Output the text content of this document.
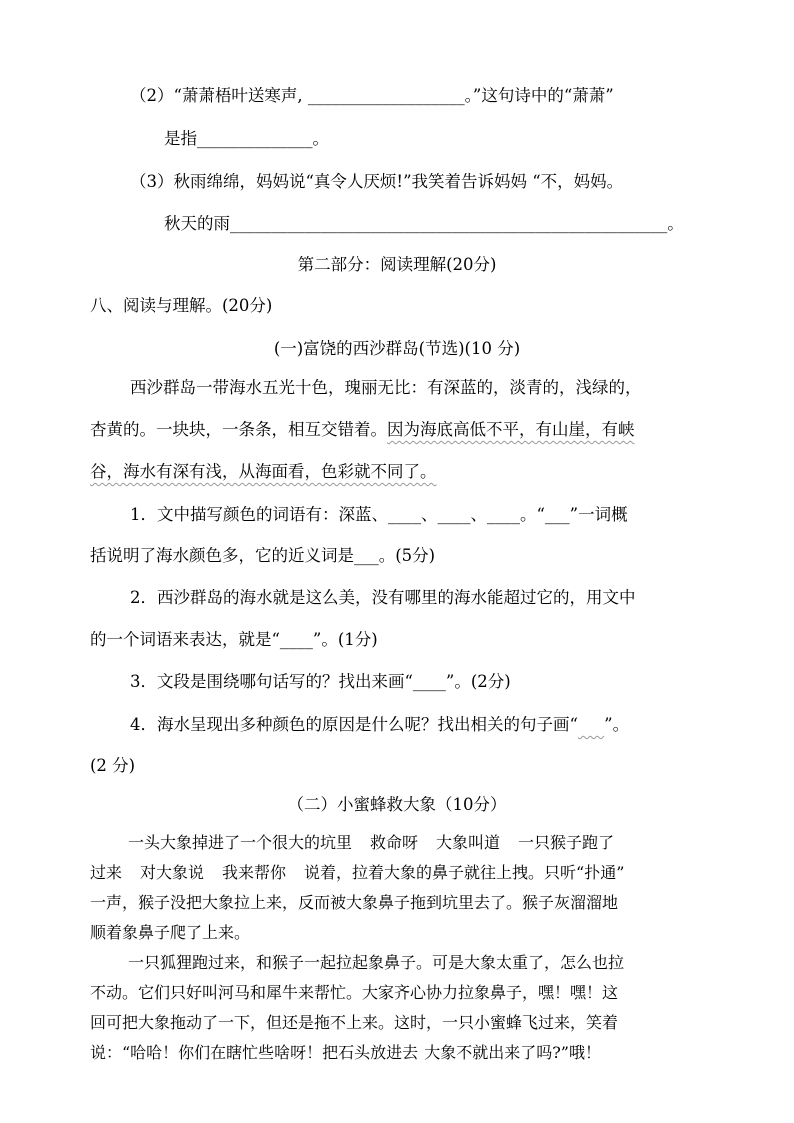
（2）“萧萧梧叶送寒声, ___________________。”这句诗中的“萧萧”
是指______________。
（3）秋雨绵绵，妈妈说“真令人厌烦!”我笑着告诉妈妈 “不，妈妈。
秋天的雨_____________________________________________________。
第二部分：阅读理解(20分)
八、阅读与理解。(20分)
(一)富饶的西沙群岛(节选)(10 分)
西沙群岛一带海水五光十色，瑰丽无比：有深蓝的，淡青的，浅绿的，
杏黄的。一块块，一条条，相互交错着。因为海底高低不平，有山崖，有峡
谷，海水有深有浅，从海面看，色彩就不同了。
1．文中描写颜色的词语有：深蓝、____、____、____。“___”一词概
括说明了海水颜色多，它的近义词是___。(5分)
2．西沙群岛的海水就是这么美，没有哪里的海水能超过它的，用文中
的一个词语来表达，就是“____”。(1分)
3．文段是围绕哪句话写的？找出来画“____”。(2分)
4．海水呈现出多种颜色的原因是什么呢？找出相关的句子画“ ”。
(2 分)
（二）小蜜蜂救大象（10分）
一头大象掉进了一个很大的坑里 救命呀 大象叫道 一只猴子跑了
过来 对大象说 我来帮你 说着，拉着大象的鼻子就往上拽。只听“扑通”
一声，猴子没把大象拉上来，反而被大象鼻子拖到坑里去了。猴子灰溜溜地
顺着象鼻子爬了上来。
一只狐狸跑过来，和猴子一起拉起象鼻子。可是大象太重了，怎么也拉
不动。它们只好叫河马和犀牛来帮忙。大家齐心协力拉象鼻子，嘿！嘿！这
回可把大象拖动了一下，但还是拖不上来。这时，一只小蜜蜂飞过来，笑着
说：“哈哈！你们在瞎忙些啥呀！把石头放进去 大象不就出来了吗?”哦！
